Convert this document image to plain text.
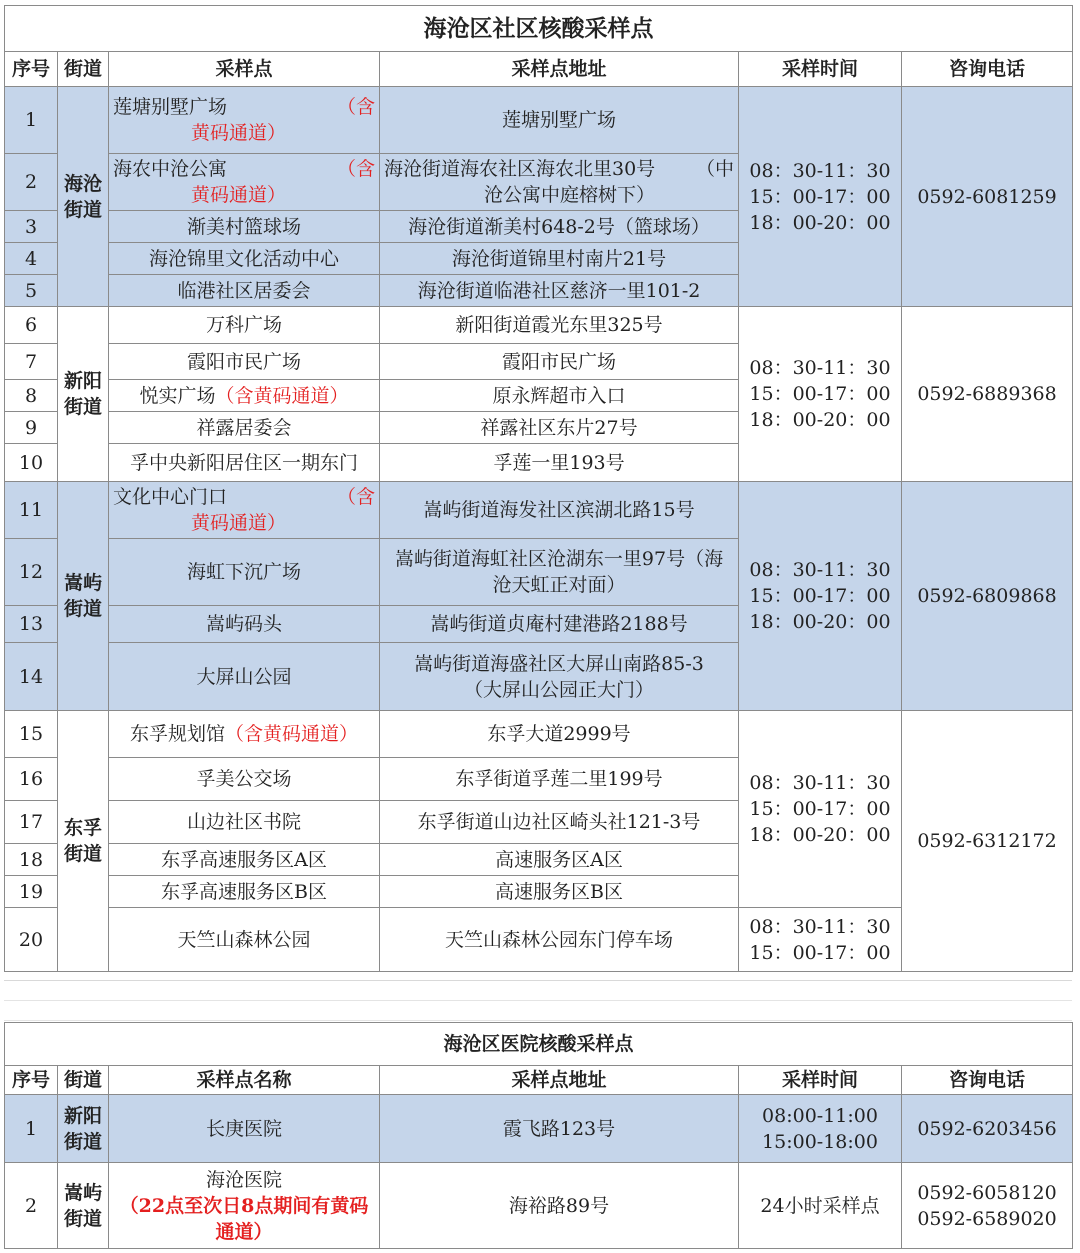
海沧区社区核酸采样点					
序号	街道	采样点	采样点地址	采样时间	咨询电话
1	海沧街道	莲塘别墅广场 （含
黄码通道）	莲塘别墅广场	08：30-11：30
15：00-17：00
18：00-20：00	0592-6081259
2		海农中沧公寓 （含
黄码通道）	海沧街道海农社区海农北里30号 （中
沧公寓中庭榕树下）		

3		渐美村篮球场	海沧街道渐美村648-2号（篮球场）		
4		海沧锦里文化活动中心	海沧街道锦里村南片21号		
5		临港社区居委会	海沧街道临港社区慈济一里101-2		
6	新阳街道	万科广场	新阳街道霞光东里325号	08：30-11：30
15：00-17：00
18：00-20：00	0592-6889368
7		霞阳市民广场	霞阳市民广场		
8		悦实广场（含黄码通道）	原永辉超市入口		
9		祥露居委会	祥露社区东片27号		
10		孚中央新阳居住区一期东门	孚莲一里193号		
11	嵩屿街道	文化中心门口 （含
黄码通道）	嵩屿街道海发社区滨湖北路15号	08：30-11：30
15：00-17：00
18：00-20：00	0592-6809868
12		海虹下沉广场	嵩屿街道海虹社区沧湖东一里97号（海
沧天虹正对面）		

13		嵩屿码头	嵩屿街道贞庵村建港路2188号		
14		大屏山公园	嵩屿街道海盛社区大屏山南路85-3
（大屏山公园正大门）		

15	东孚街道	东孚规划馆（含黄码通道）	东孚大道2999号	08：30-11：30
15：00-17：00
18：00-20：00	0592-6312172
16		孚美公交场	东孚街道孚莲二里199号		
17		山边社区书院	东孚街道山边社区崎头社121-3号		
18		东孚高速服务区A区	高速服务区A区		
19		东孚高速服务区B区	高速服务区B区		
20		天竺山森林公园	天竺山森林公园东门停车场	08：30-11：30
15：00-17：00	
海沧区医院核酸采样点					
序号	街道	采样点名称	采样点地址	采样时间	咨询电话
1	新阳街道	长庚医院	霞飞路123号	08:00-11:00
15:00-18:00	0592-6203456
2	嵩屿街道	海沧医院
（22点至次日8点期间有黄码
通道）	海裕路89号	24小时采样点	0592-6058120
0592-6589020
